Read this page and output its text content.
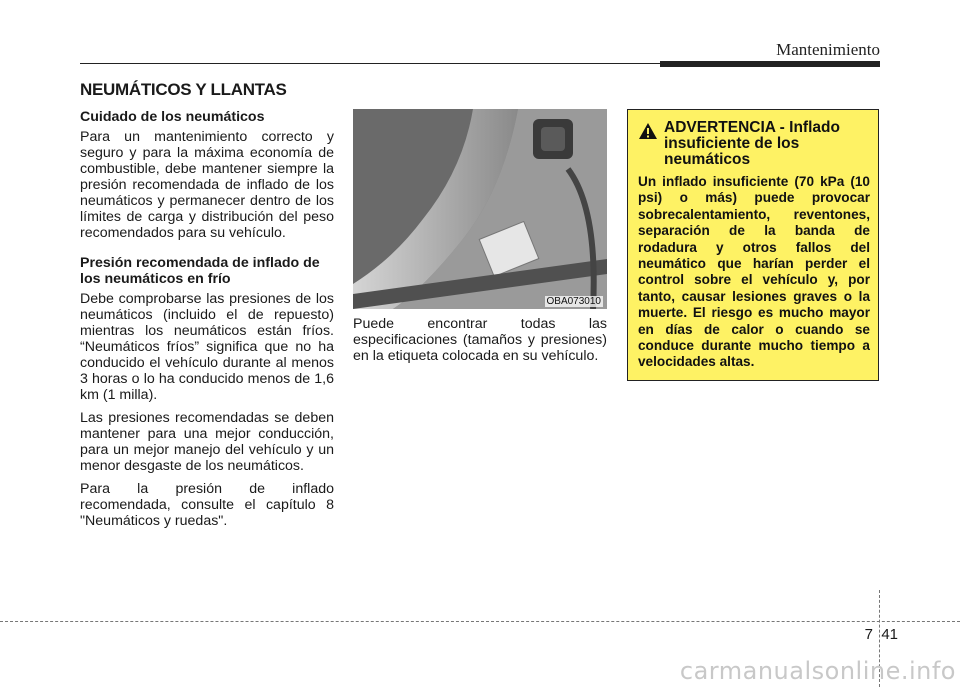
Mantenimiento
NEUMÁTICOS Y LLANTAS
Cuidado de los neumáticos

Para un mantenimiento correcto y seguro y para la máxima economía de combustible, debe mantener siempre la presión recomendada de inflado de los neumáticos y permanecer dentro de los límites de carga y distribución del peso recomendados para su vehículo.

Presión recomendada de inflado de los neumáticos en frío

Debe comprobarse las presiones de los neumáticos (incluido el de repuesto) mientras los neumáticos están fríos. “Neumáticos fríos” significa que no ha conducido el vehículo durante al menos 3 horas o lo ha conducido menos de 1,6 km (1 milla).

Las presiones recomendadas se deben mantener para una mejor conducción, para un mejor manejo del vehículo y un menor desgaste de los neumáticos.

Para la presión de inflado recomendada, consulte el capítulo 8 "Neumáticos y ruedas".

OBA073010
Puede encontrar todas las especificaciones (tamaños y presiones) en la etiqueta colocada en su vehículo.
ADVERTENCIA - Inflado insuficiente de los neumáticos
Un inflado insuficiente (70 kPa (10 psi) o más) puede provocar sobrecalentamiento, reventones, separación de la banda de rodadura y otros fallos del neumático que harían perder el control sobre el vehículo y, por tanto, causar lesiones graves o la muerte. El riesgo es mucho mayor en días de calor o cuando se conduce durante mucho tiempo a velocidades altas.
7 41
carmanualsonline.info
